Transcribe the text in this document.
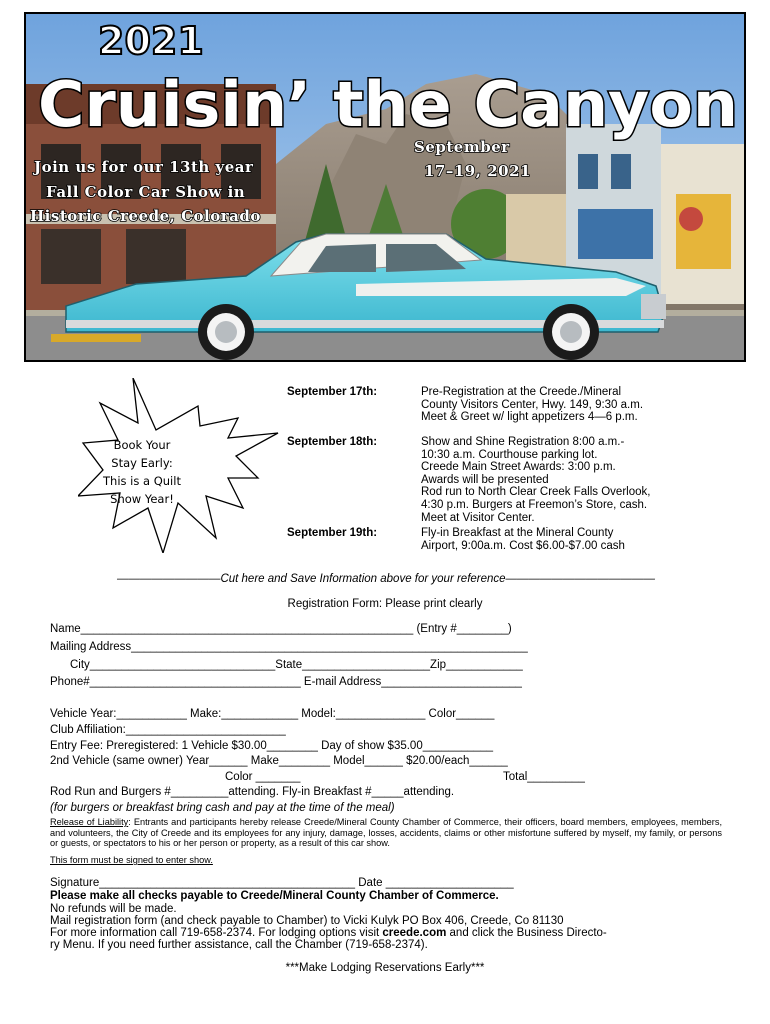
2021
Cruisin’ the Canyon
Join us for our 13th year
Fall Color Car Show in
Historic Creede, Colorado
September
17–19, 2021
Book Your
Stay Early:
This is a Quilt
Show Year!
September 17th:	Pre-Registration at the Creede./Mineral
County Visitors Center, Hwy. 149, 9:30 a.m.
Meet & Greet w/ light appetizers 4—6 p.m.
September 18th:	Show and Shine Registration 8:00 a.m.-
10:30 a.m. Courthouse parking lot.
Creede Main Street Awards: 3:00 p.m.
Awards will be presented
Rod run to North Clear Creek Falls Overlook,
4:30 p.m. Burgers at Freemon’s Store, cash.
Meet at Visitor Center.
September 19th:	Fly-in Breakfast at the Mineral County
Airport, 9:00a.m. Cost $6.00-$7.00 cash
—————————Cut here and Save Information above for your reference—————————————
Registration Form: Please print clearly
Name____________________________________________________ (Entry #________)
Mailing Address______________________________________________________________
City_____________________________State____________________Zip____________
Phone#_________________________________ E-mail Address______________________
Vehicle Year:___________ Make:____________ Model:______________ Color______
Club Affiliation:_________________________
Entry Fee: Preregistered: 1 Vehicle $30.00________ Day of show $35.00___________
2nd Vehicle (same owner) Year______ Make________ Model______ $20.00/each______
Color _______	Total_________
Rod Run and Burgers #_________attending. Fly-in Breakfast #_____attending.
(for burgers or breakfast bring cash and pay at the time of the meal)
Release of Liability: Entrants and participants hereby release Creede/Mineral County Chamber of Commerce, their officers, board members, employees, members, and volunteers, the City of Creede and its employees for any injury, damage, losses, accidents, claims or other misfortune suffered by myself, my family, or persons or guests, or spectators to his or her person or property, as a result of this car show.
This form must be signed to enter show.
Signature________________________________________ Date ____________________
Please make all checks payable to Creede/Mineral County Chamber of Commerce.
No refunds will be made.
Mail registration form (and check payable to Chamber) to Vicki Kulyk PO Box 406, Creede, Co 81130
For more information call 719-658-2374. For lodging options visit creede.com and click the Business Directo-
ry Menu. If you need further assistance, call the Chamber (719-658-2374).
***Make Lodging Reservations Early***
